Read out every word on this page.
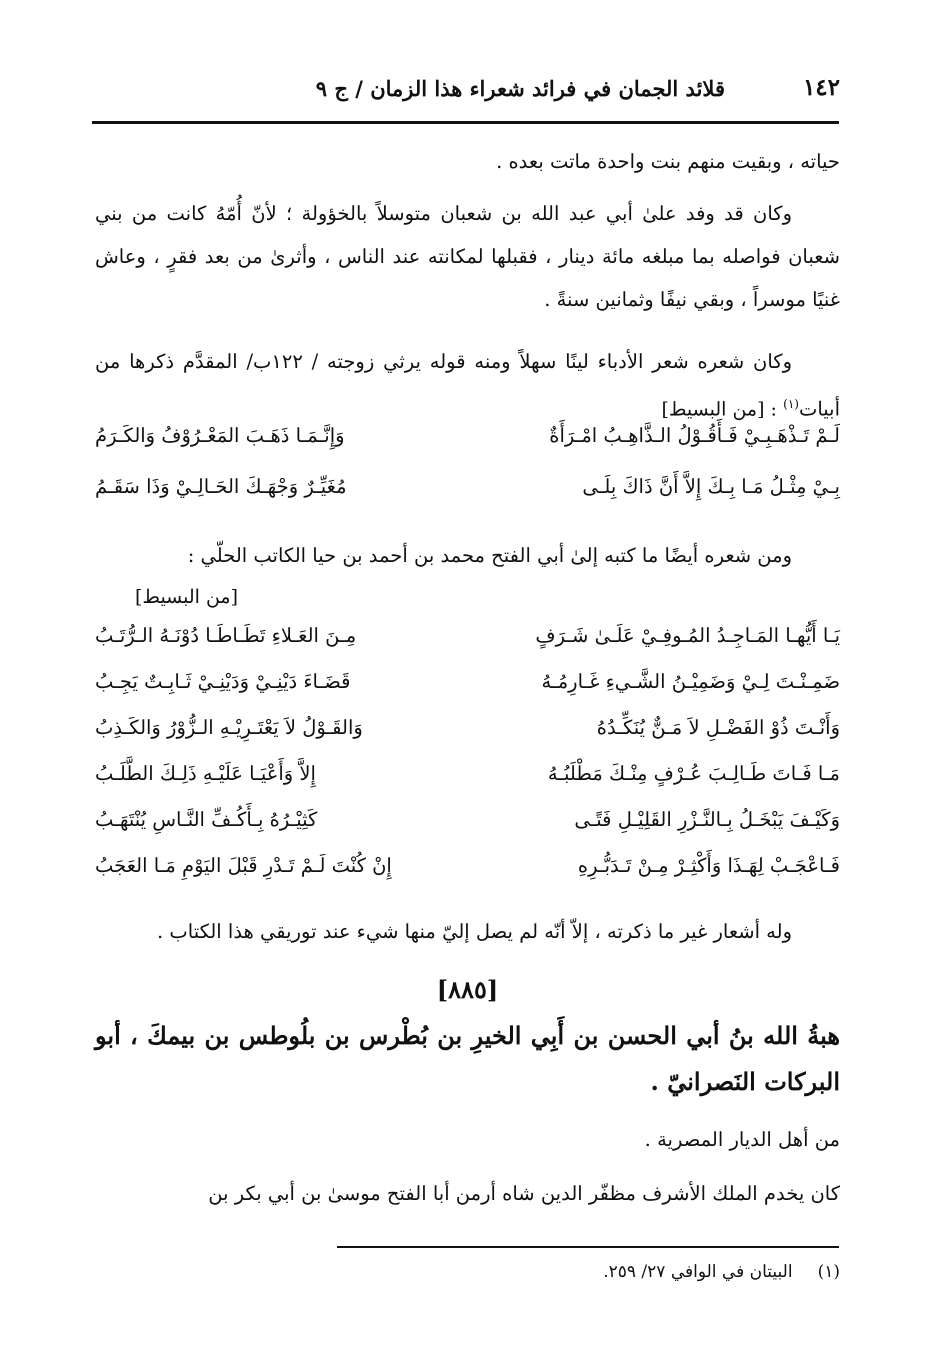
١٤٢
قلائد الجمان في فرائد شعراء هذا الزمان / ج ٩
حياته ، وبقيت منهم بنت واحدة ماتت بعده .
وكان قد وفد علىٰ أبي عبد الله بن شعبان متوسلاً بالخؤولة ؛ لأنّ أُمّهُ كانت من بني شعبان فواصله بما مبلغه مائة دينار ، فقبلها لمكانته عند الناس ، وأثرىٰ من بعد فقرٍ ، وعاش غنيًا موسراً ، وبقي نيفًا وثمانين سنةً .
وكان شعره شعر الأدباء لينًا سهلاً ومنه قوله يرثي زوجته / ١٢٢ب/ المقدَّم ذكرها من أبيات$^{(١)}$ : [من البسيط]
لَـمْ تَـذْهَـبِـيْ فَـأَقُـوْلُ الـذَّاهِـبُ امْـرَأَةٌ
وَإِنَّـمَـا ذَهَـبَ المَعْـرُوْفُ وَالكَـرَمُ
بِـيْ مِثْـلُ مَـا بِـكَ إِلاَّ أَنَّ ذَاكَ بِلَـى
مُغَيِّـرٌ وَجْهَـكَ الحَـالِـيْ وَذَا سَقَـمُ
ومن شعره أيضًا ما كتبه إلىٰ أبي الفتح محمد بن أحمد بن حيا الكاتب الحلّي :
[من البسيط]
يَـا أَيُّهـا المَـاجِـدُ المُـوفِـيْ عَلَـىٰ شَـرَفٍ
مِـنَ العَـلاءِ تَطَـاطَـا دُوْنَـهُ الـرُّتَـبُ
ضَمِـنْـتَ لِـيْ وَضَمِيْـنُ الشَّـيءِ غَـارِمُـهُ
قَضَـاءَ دَيْنِـيْ وَدَيْنِـيْ ثَـابِـتٌ يَجِـبُ
وَأَنْـتَ ذُوْ الفَضْـلِ لاَ مَـنٌّ يُنَكِّـدُهُ
وَالقَـوْلُ لاَ يَعْتَـرِيْـهِ الـزُّوْرُ وَالكَـذِبُ
مَـا فَـاتَ طَـالِـبَ عُـرْفٍ مِنْـكَ مَطْلَبُـهُ
إِلاَّ وَأَعْيَـا عَلَيْـهِ ذَلِـكَ الطَّلَـبُ
وَكَيْـفَ يَبْخَـلُ بِـالنَّـزْرِ القَلِيْـلِ فَتًـى
كَثِيْـرُهُ بِـأَكُـفِّ النَّـاسِ يُنْتَهَـبُ
فَـاعْجَـبْ لِهَـذَا وَأَكْثِـرْ مِـنْ تَـدَبُّـرِهِ
إِنْ كُنْتَ لَـمْ تَـدْرِ قَبْلَ اليَوْمِ مَـا العَجَبُ
وله أشعار غير ما ذكرته ، إلاّ أنّه لم يصل إليّ منها شيء عند توريقي هذا الكتاب .
[٨٨٥]
هبةُ الله بنُ أبي الحسن بن أَبِي الخيرِ بن بُطْرس بن بلُوطس بن بيمكَ ، أبو البركات النَصرانيّ .
من أهل الديار المصرية .
كان يخدم الملك الأشرف مظفّر الدين شاه أرمن أبا الفتح موسىٰ بن أبي بكر بن
(١) البيتان في الوافي ٢٧/ ٢٥٩.
